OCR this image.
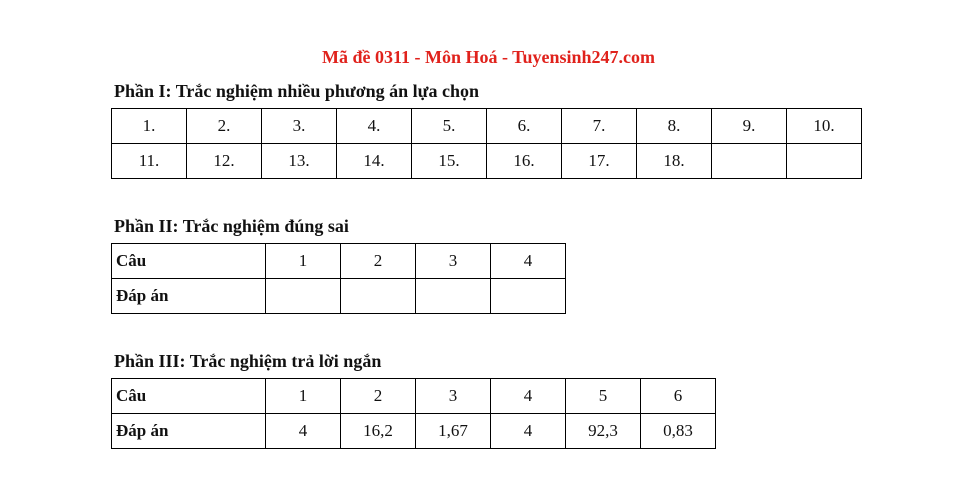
Mã đề 0311 - Môn Hoá - Tuyensinh247.com
Phần I: Trắc nghiệm nhiều phương án lựa chọn
1.	2.	3.	4.	5.	6.	7.	8.	9.	10.
11.	12.	13.	14.	15.	16.	17.	18.		
Phần II: Trắc nghiệm đúng sai
Câu	1	2	3	4
Đáp án				
Phần III: Trắc nghiệm trả lời ngắn
Câu	1	2	3	4	5	6
Đáp án	4	16,2	1,67	4	92,3	0,83
